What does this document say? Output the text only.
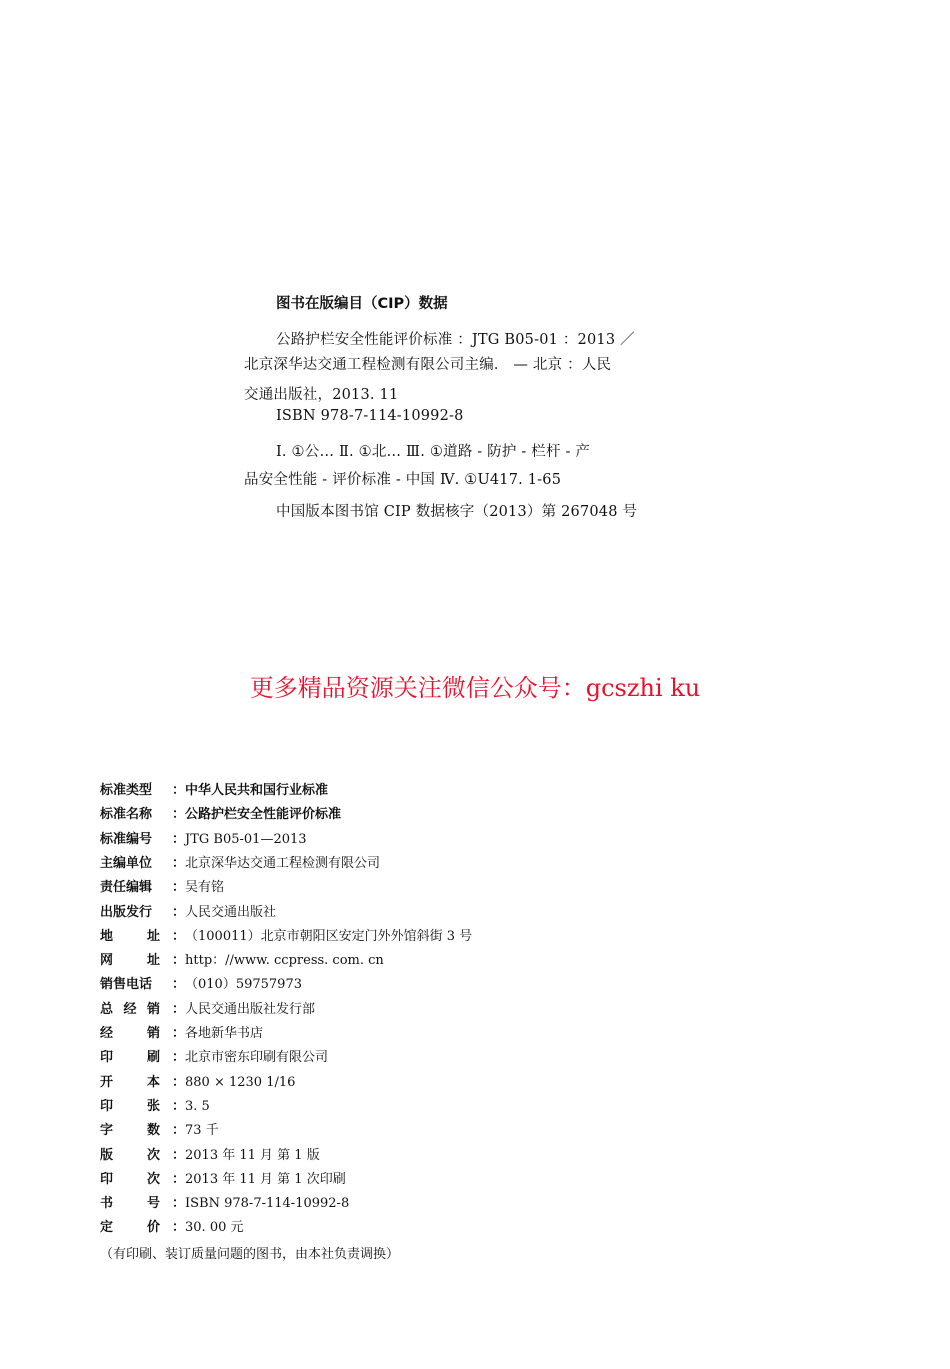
图书在版编目（CIP）数据
公路护栏安全性能评价标准 ：JTG B05-01 ：2013 ／
北京深华达交通工程检测有限公司主编． — 北京 ：人民
交通出版社，2013. 11
ISBN 978-7-114-10992-8
Ⅰ. ①公… Ⅱ. ①北… Ⅲ. ①道路 - 防护 - 栏杆 - 产
品安全性能 - 评价标准 - 中国 Ⅳ. ①U417. 1-65
中国版本图书馆 CIP 数据核字（2013）第 267048 号
更多精品资源关注微信公众号：gcszhi ku
标准类型 ：中华人民共和国行业标准
标准名称 ：公路护栏安全性能评价标准
标准编号 ：JTG B05-01—2013
主编单位 ：北京深华达交通工程检测有限公司
责任编辑 ：吴有铭
出版发行 ：人民交通出版社
地　　址 ：（100011）北京市朝阳区安定门外外馆斜街 3 号
网　　址 ：http：//www. ccpress. com. cn
销售电话 ：（010）59757973
总 经 销 ：人民交通出版社发行部
经　　销 ：各地新华书店
印　　刷 ：北京市密东印刷有限公司
开　　本 ：880 × 1230 1/16
印　　张 ：3. 5
字　　数 ：73 千
版　　次 ：2013 年 11 月 第 1 版
印　　次 ：2013 年 11 月 第 1 次印刷
书　　号 ：ISBN 978-7-114-10992-8
定　　价 ：30. 00 元
（有印刷、装订质量问题的图书，由本社负责调换）
